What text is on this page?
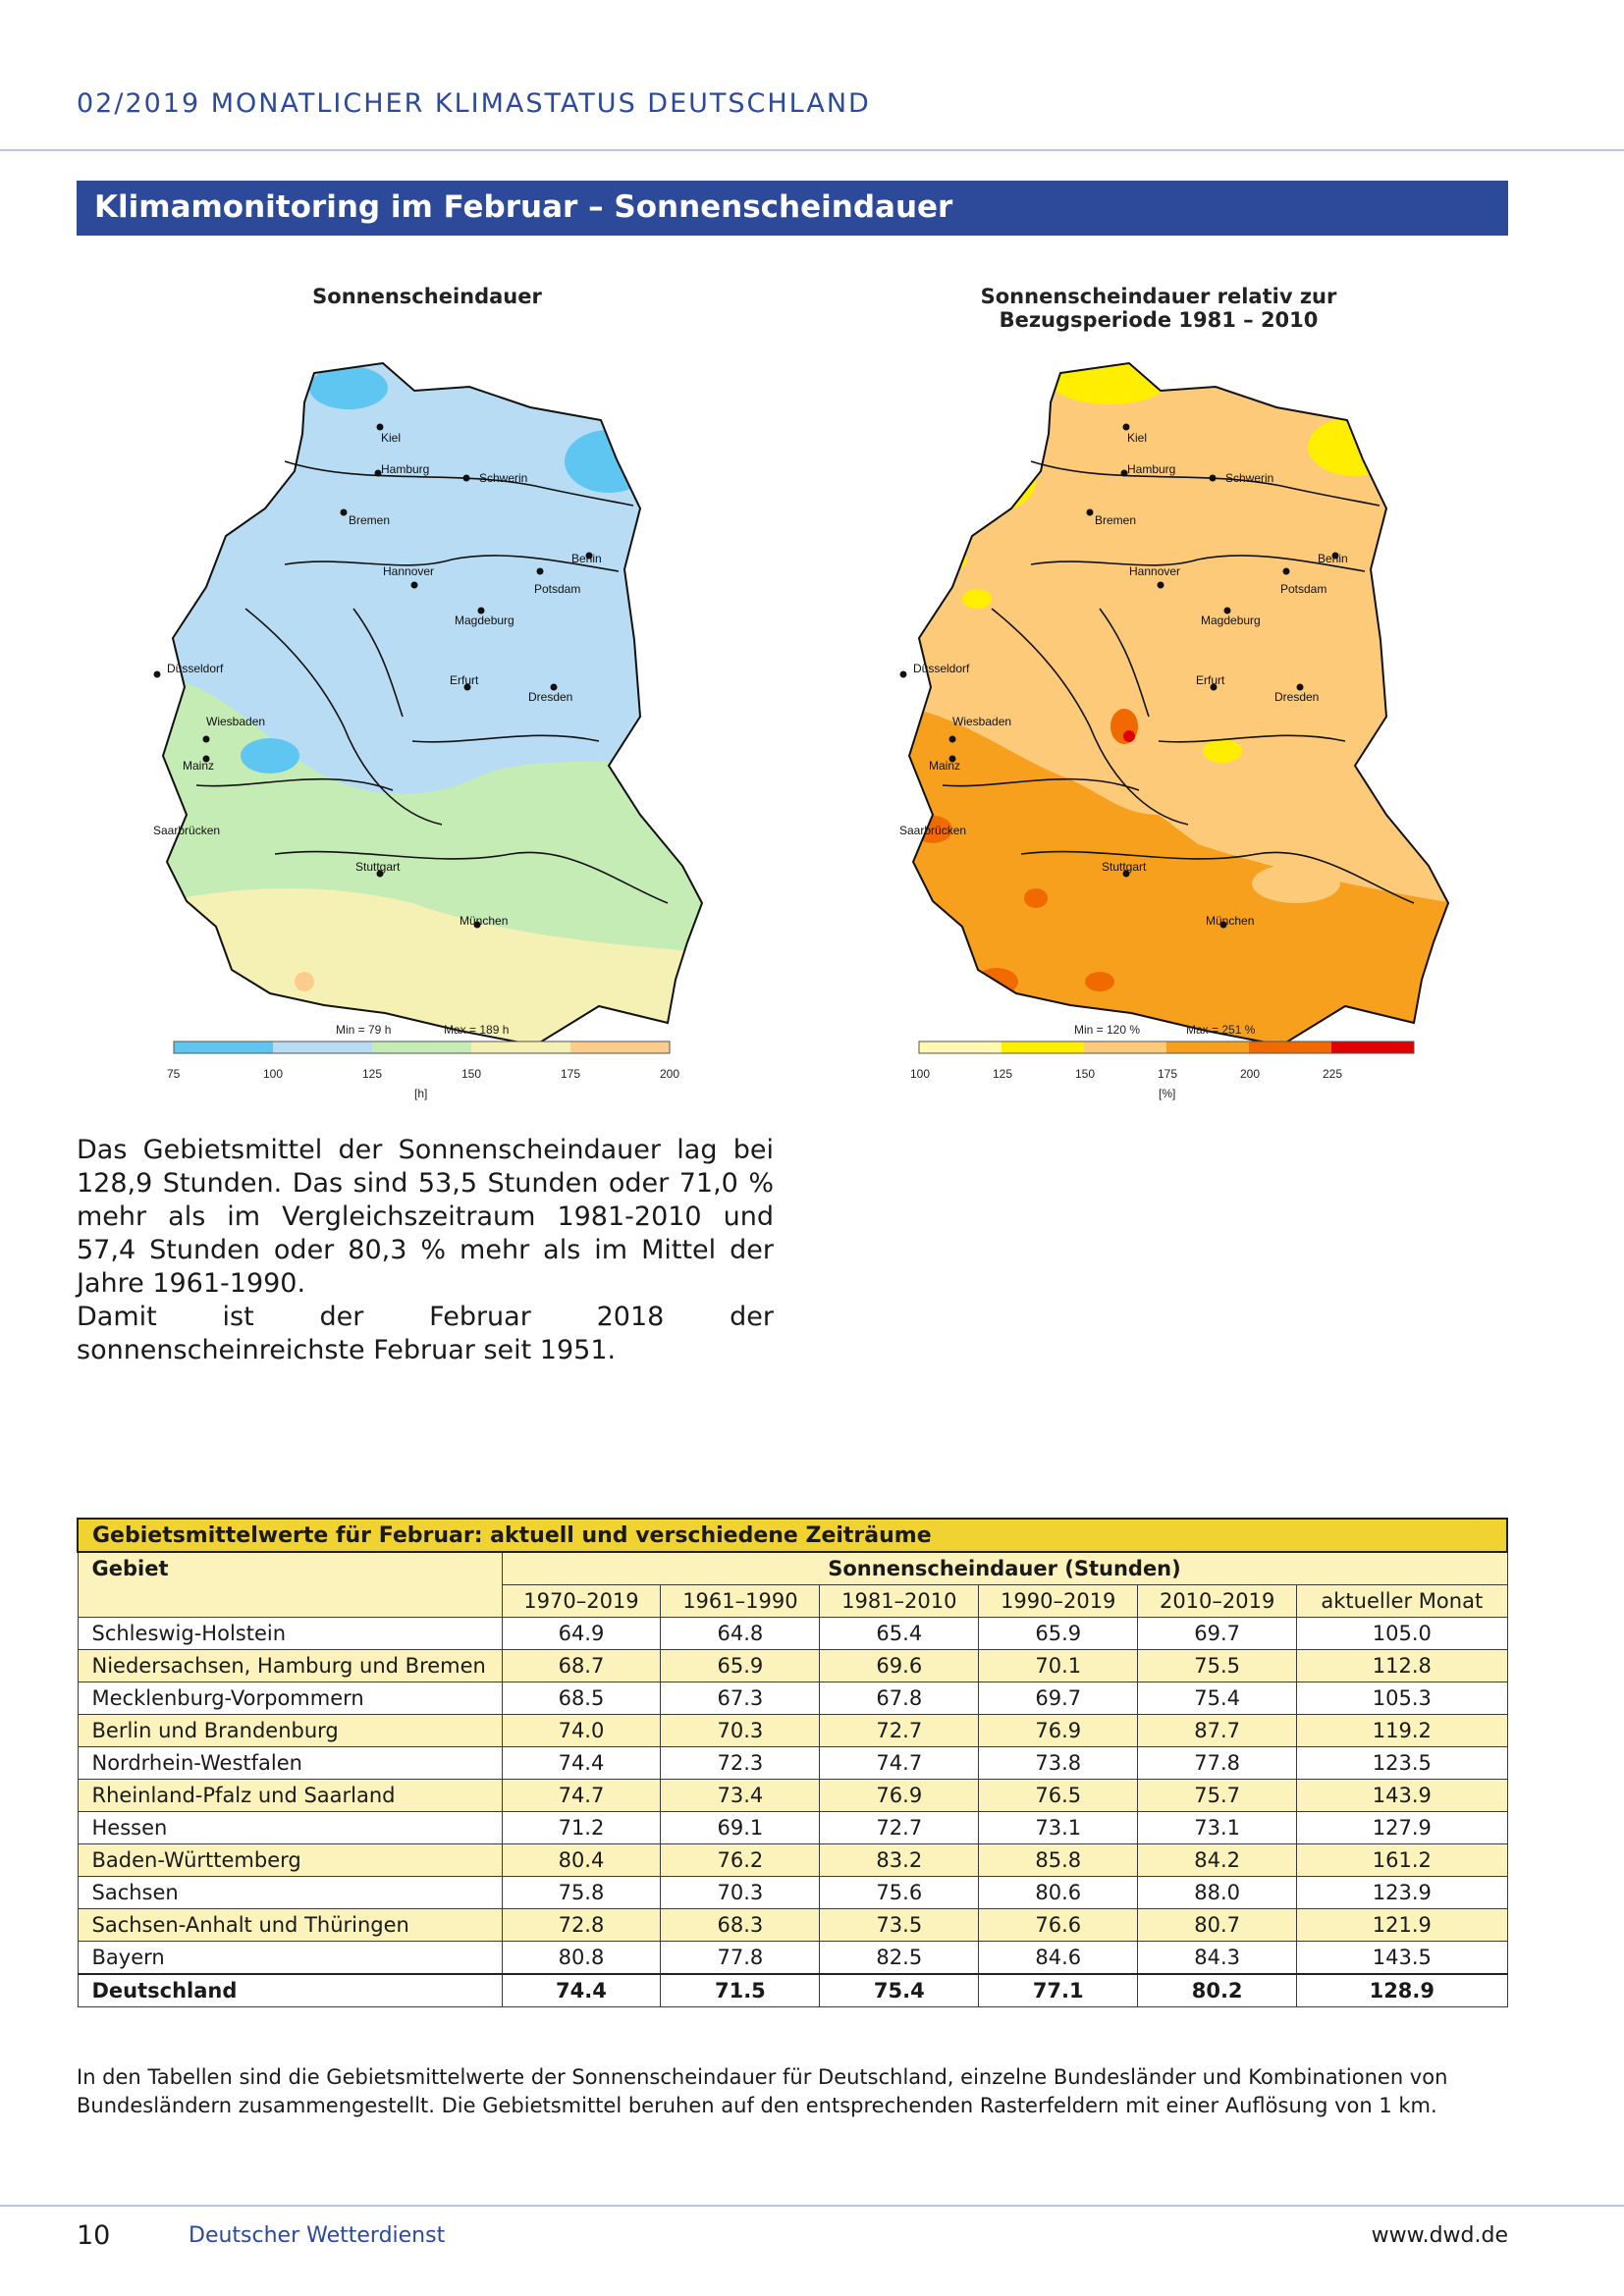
02/2019 MONATLICHER KLIMASTATUS DEUTSCHLAND
Klimamonitoring im Februar – Sonnenscheindauer
Sonnenscheindauer
Kiel
Hamburg
Schwerin
Bremen
Berlin
Hannover
Potsdam
Magdeburg
Düsseldorf
Erfurt
Dresden
Wiesbaden
Mainz
Saarbrücken
Stuttgart
München
Min = 79 h	Max = 189 h
75	100	125	150	175	200
[h]
Sonnenscheindauer relativ zur
Bezugsperiode 1981 – 2010
Kiel
Hamburg
Schwerin
Bremen
Berlin
Hannover
Potsdam
Magdeburg
Düsseldorf
Erfurt
Dresden
Wiesbaden
Mainz
Saarbrücken
Stuttgart
München
Min = 120 %	Max = 251 %
100	125	150	175	200	225
[%]

Das Gebietsmittel der Sonnenscheindauer lag bei 128,9 Stunden. Das sind 53,5 Stunden oder 71,0 % mehr als im Vergleichszeitraum 1981-2010 und 57,4 Stunden oder 80,3 % mehr als im Mittel der Jahre 1961-1990.

Damit ist der Februar 2018 der sonnenscheinreichste Februar seit 1951.

Gebietsmittelwerte für Februar: aktuell und verschiedene Zeiträume						
Gebiet	Sonnenscheindauer (Stunden)					
	1970–2019	1961–1990	1981–2010	1990–2019	2010–2019	aktueller Monat
Schleswig-Holstein	64.9	64.8	65.4	65.9	69.7	105.0
Niedersachsen, Hamburg und Bremen	68.7	65.9	69.6	70.1	75.5	112.8
Mecklenburg-Vorpommern	68.5	67.3	67.8	69.7	75.4	105.3
Berlin und Brandenburg	74.0	70.3	72.7	76.9	87.7	119.2
Nordrhein-Westfalen	74.4	72.3	74.7	73.8	77.8	123.5
Rheinland-Pfalz und Saarland	74.7	73.4	76.9	76.5	75.7	143.9
Hessen	71.2	69.1	72.7	73.1	73.1	127.9
Baden-Württemberg	80.4	76.2	83.2	85.8	84.2	161.2
Sachsen	75.8	70.3	75.6	80.6	88.0	123.9
Sachsen-Anhalt und Thüringen	72.8	68.3	73.5	76.6	80.7	121.9
Bayern	80.8	77.8	82.5	84.6	84.3	143.5
Deutschland	74.4	71.5	75.4	77.1	80.2	128.9
In den Tabellen sind die Gebietsmittelwerte der Sonnenscheindauer für Deutschland, einzelne Bundesländer und Kombinationen von Bundesländern zusammengestellt. Die Gebietsmittel beruhen auf den entsprechenden Rasterfeldern mit einer Auflösung von 1 km.
10	Deutscher Wetterdienst	www.dwd.de
